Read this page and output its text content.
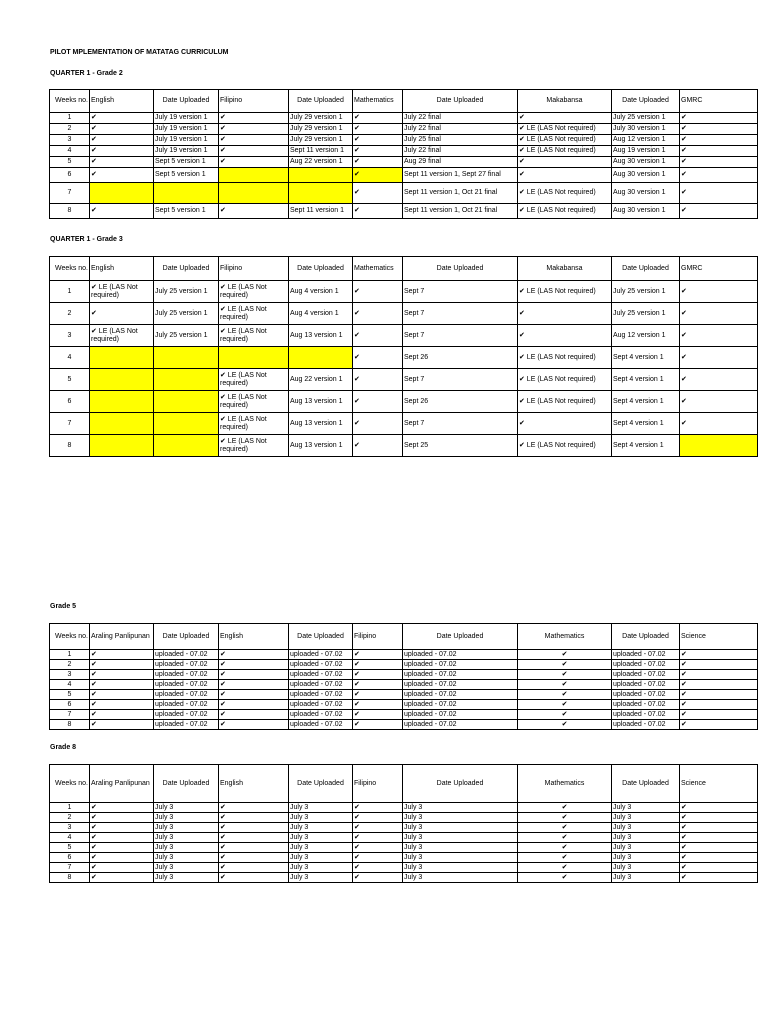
PILOT MPLEMENTATION OF MATATAG CURRICULUM
QUARTER 1 - Grade 2
Weeks no.	English	Date Uploaded	Filipino	Date Uploaded	Mathematics	Date Uploaded	Makabansa	Date Uploaded	GMRC
1	✔	July 19 version 1	✔	July 29 version 1	✔	July 22 final	✔	July 25 version 1	✔
2	✔	July 19 version 1	✔	July 29 version 1	✔	July 22 final	✔ LE (LAS Not required)	July 30 version 1	✔
3	✔	July 19 version 1	✔	July 29 version 1	✔	July 25 final	✔ LE (LAS Not required)	Aug 12 version 1	✔
4	✔	July 19 version 1	✔	Sept 11 version 1	✔	July 22 final	✔ LE (LAS Not required)	Aug 19 version 1	✔
5	✔	Sept 5 version 1	✔	Aug 22 version 1	✔	Aug 29 final	✔	Aug 30 version 1	✔
6	✔	Sept 5 version 1			✔	Sept 11 version 1, Sept 27 final	✔	Aug 30 version 1	✔
7					✔	Sept 11 version 1, Oct 21 final	✔ LE (LAS Not required)	Aug 30 version 1	✔
8	✔	Sept 5 version 1	✔	Sept 11 version 1	✔	Sept 11 version 1, Oct 21 final	✔ LE (LAS Not required)	Aug 30 version 1	✔
QUARTER 1 - Grade 3
Weeks no.	English	Date Uploaded	Filipino	Date Uploaded	Mathematics	Date Uploaded	Makabansa	Date Uploaded	GMRC
1	✔ LE (LAS Not required)	July 25 version 1	✔ LE (LAS Not required)	Aug 4 version 1	✔	Sept 7	✔ LE (LAS Not required)	July 25 version 1	✔
2	✔	July 25 version 1	✔ LE (LAS Not required)	Aug 4 version 1	✔	Sept 7	✔	July 25 version 1	✔
3	✔ LE (LAS Not required)	July 25 version 1	✔ LE (LAS Not required)	Aug 13 version 1	✔	Sept 7	✔	Aug 12 version 1	✔
4					✔	Sept 26	✔ LE (LAS Not required)	Sept 4 version 1	✔
5			✔ LE (LAS Not required)	Aug 22 version 1	✔	Sept 7	✔ LE (LAS Not required)	Sept 4 version 1	✔
6			✔ LE (LAS Not required)	Aug 13 version 1	✔	Sept 26	✔ LE (LAS Not required)	Sept 4 version 1	✔
7			✔ LE (LAS Not required)	Aug 13 version 1	✔	Sept 7	✔	Sept 4 version 1	✔
8			✔ LE (LAS Not required)	Aug 13 version 1	✔	Sept 25	✔ LE (LAS Not required)	Sept 4 version 1	
Grade 5
Weeks no.	Araling Panlipunan	Date Uploaded	English	Date Uploaded	Filipino	Date Uploaded	Mathematics	Date Uploaded	Science
1	✔	uploaded - 07.02	✔	uploaded - 07.02	✔	uploaded - 07.02	✔	uploaded - 07.02	✔
2	✔	uploaded - 07.02	✔	uploaded - 07.02	✔	uploaded - 07.02	✔	uploaded - 07.02	✔
3	✔	uploaded - 07.02	✔	uploaded - 07.02	✔	uploaded - 07.02	✔	uploaded - 07.02	✔
4	✔	uploaded - 07.02	✔	uploaded - 07.02	✔	uploaded - 07.02	✔	uploaded - 07.02	✔
5	✔	uploaded - 07.02	✔	uploaded - 07.02	✔	uploaded - 07.02	✔	uploaded - 07.02	✔
6	✔	uploaded - 07.02	✔	uploaded - 07.02	✔	uploaded - 07.02	✔	uploaded - 07.02	✔
7	✔	uploaded - 07.02	✔	uploaded - 07.02	✔	uploaded - 07.02	✔	uploaded - 07.02	✔
8	✔	uploaded - 07.02	✔	uploaded - 07.02	✔	uploaded - 07.02	✔	uploaded - 07.02	✔
Grade 8
Weeks no.	Araling Panlipunan	Date Uploaded	English	Date Uploaded	Filipino	Date Uploaded	Mathematics	Date Uploaded	Science
1	✔	July 3	✔	July 3	✔	July 3	✔	July 3	✔
2	✔	July 3	✔	July 3	✔	July 3	✔	July 3	✔
3	✔	July 3	✔	July 3	✔	July 3	✔	July 3	✔
4	✔	July 3	✔	July 3	✔	July 3	✔	July 3	✔
5	✔	July 3	✔	July 3	✔	July 3	✔	July 3	✔
6	✔	July 3	✔	July 3	✔	July 3	✔	July 3	✔
7	✔	July 3	✔	July 3	✔	July 3	✔	July 3	✔
8	✔	July 3	✔	July 3	✔	July 3	✔	July 3	✔
